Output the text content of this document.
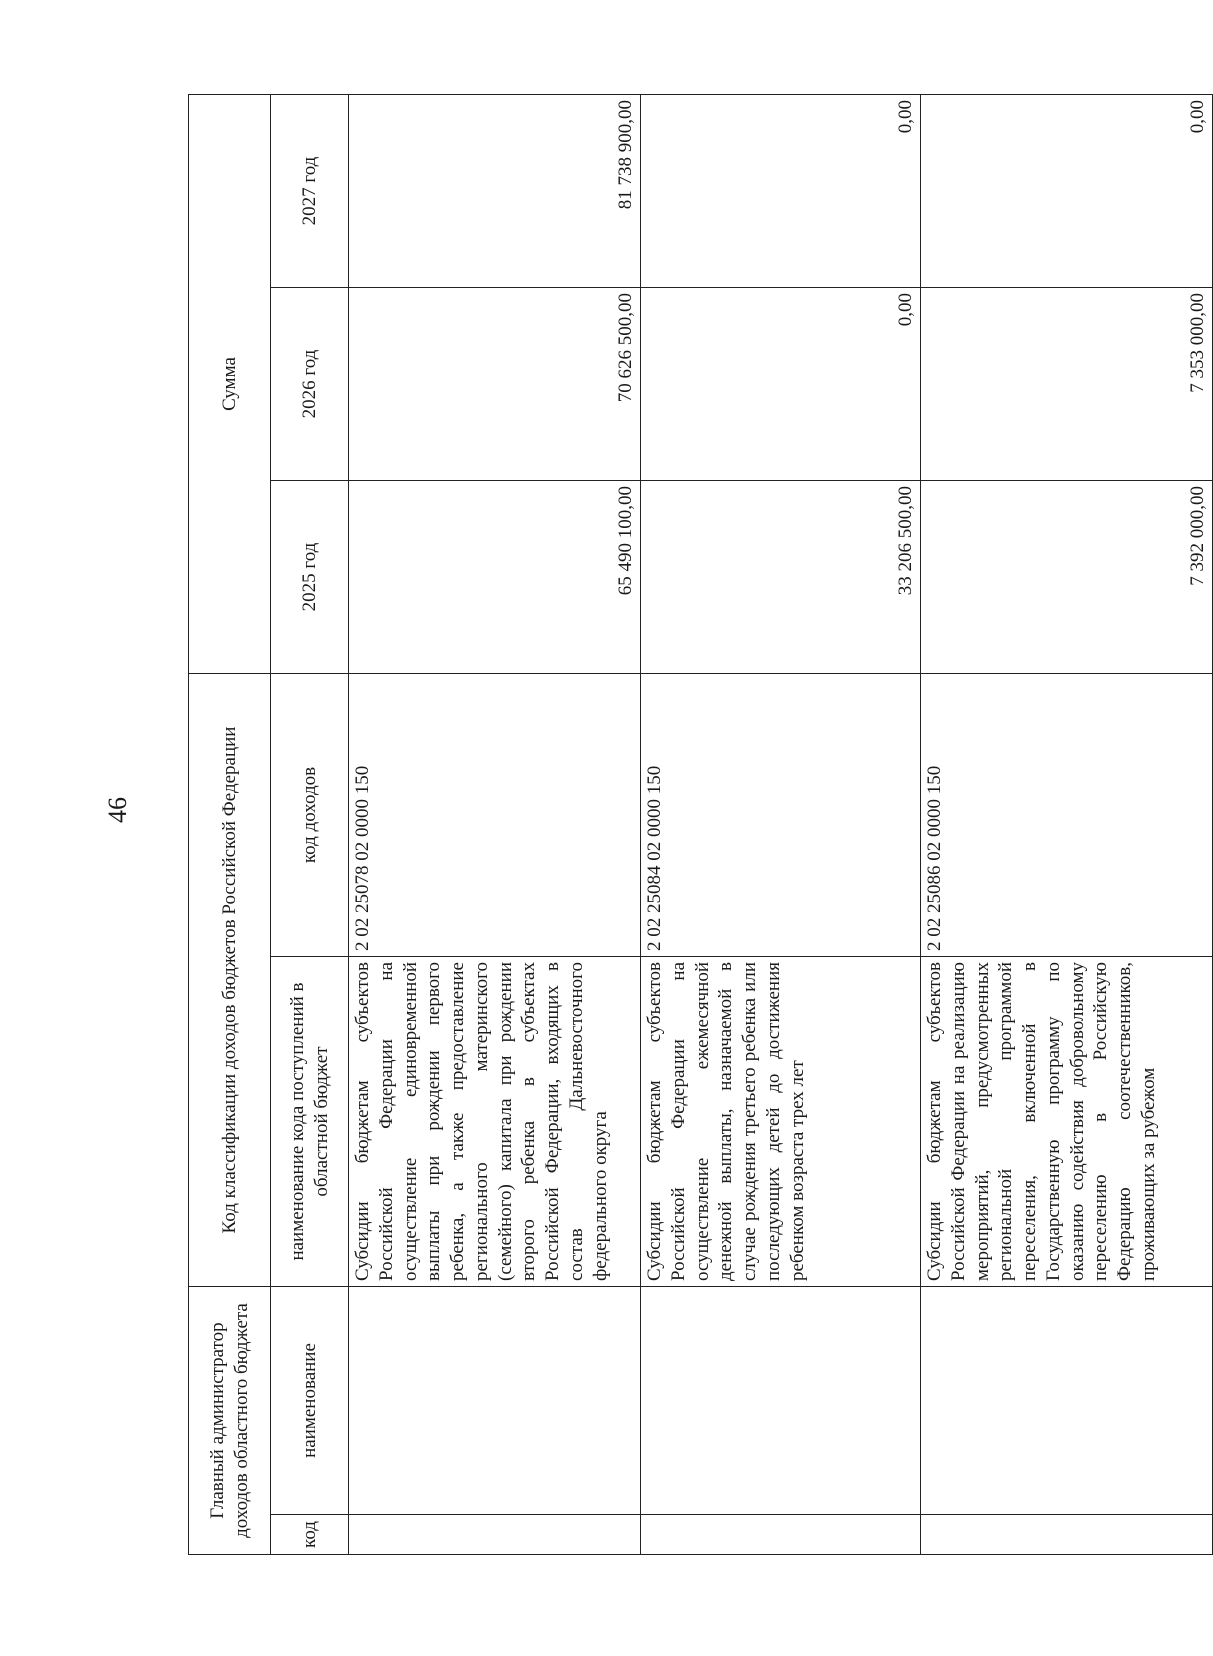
46
Главный администратор доходов областного бюджета		Код классификации доходов бюджетов Российской Федерации		Сумма		
код	наименование	наименование кода поступлений в областной бюджет	код доходов	2025 год	2026 год	2027 год
		Субсидии бюджетам субъектов Российской Федерации на осуществление единовременной выплаты при рождении первого ребенка, а также предоставление регионального материнского (семейного) капитала при рождении второго ребенка в субъектах Российской Федерации, входящих в состав Дальневосточного федерального округа	2 02 25078 02 0000 150	65 490 100,00	70 626 500,00	81 738 900,00
		Субсидии бюджетам субъектов Российской Федерации на осуществление ежемесячной денежной выплаты, назначаемой в случае рождения третьего ребенка или последующих детей до достижения ребенком возраста трех лет	2 02 25084 02 0000 150	33 206 500,00	0,00	0,00
		Субсидии бюджетам субъектов Российской Федерации на реализацию мероприятий, предусмотренных региональной программой переселения, включенной в Государственную программу по оказанию содействия добровольному переселению в Российскую Федерацию соотечественников, проживающих за рубежом	2 02 25086 02 0000 150	7 392 000,00	7 353 000,00	0,00
